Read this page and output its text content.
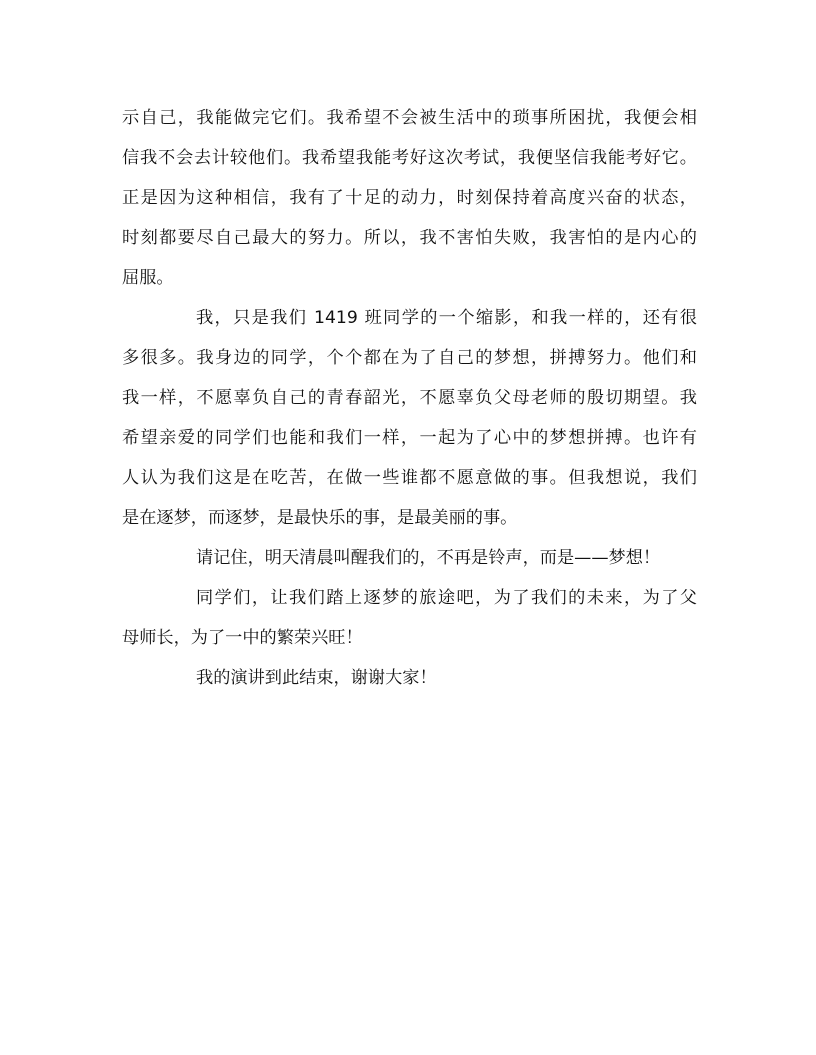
示自己，我能做完它们。我希望不会被生活中的琐事所困扰，我便会相
信我不会去计较他们。我希望我能考好这次考试，我便坚信我能考好它。
正是因为这种相信，我有了十足的动力，时刻保持着高度兴奋的状态，
时刻都要尽自己最大的努力。所以，我不害怕失败，我害怕的是内心的
屈服。
我，只是我们 1419 班同学的一个缩影，和我一样的，还有很
多很多。我身边的同学，个个都在为了自己的梦想，拼搏努力。他们和
我一样，不愿辜负自己的青春韶光，不愿辜负父母老师的殷切期望。我
希望亲爱的同学们也能和我们一样，一起为了心中的梦想拼搏。也许有
人认为我们这是在吃苦，在做一些谁都不愿意做的事。但我想说，我们
是在逐梦，而逐梦，是最快乐的事，是最美丽的事。
请记住，明天清晨叫醒我们的，不再是铃声，而是——梦想！
同学们，让我们踏上逐梦的旅途吧，为了我们的未来，为了父
母师长，为了一中的繁荣兴旺！
我的演讲到此结束，谢谢大家！
